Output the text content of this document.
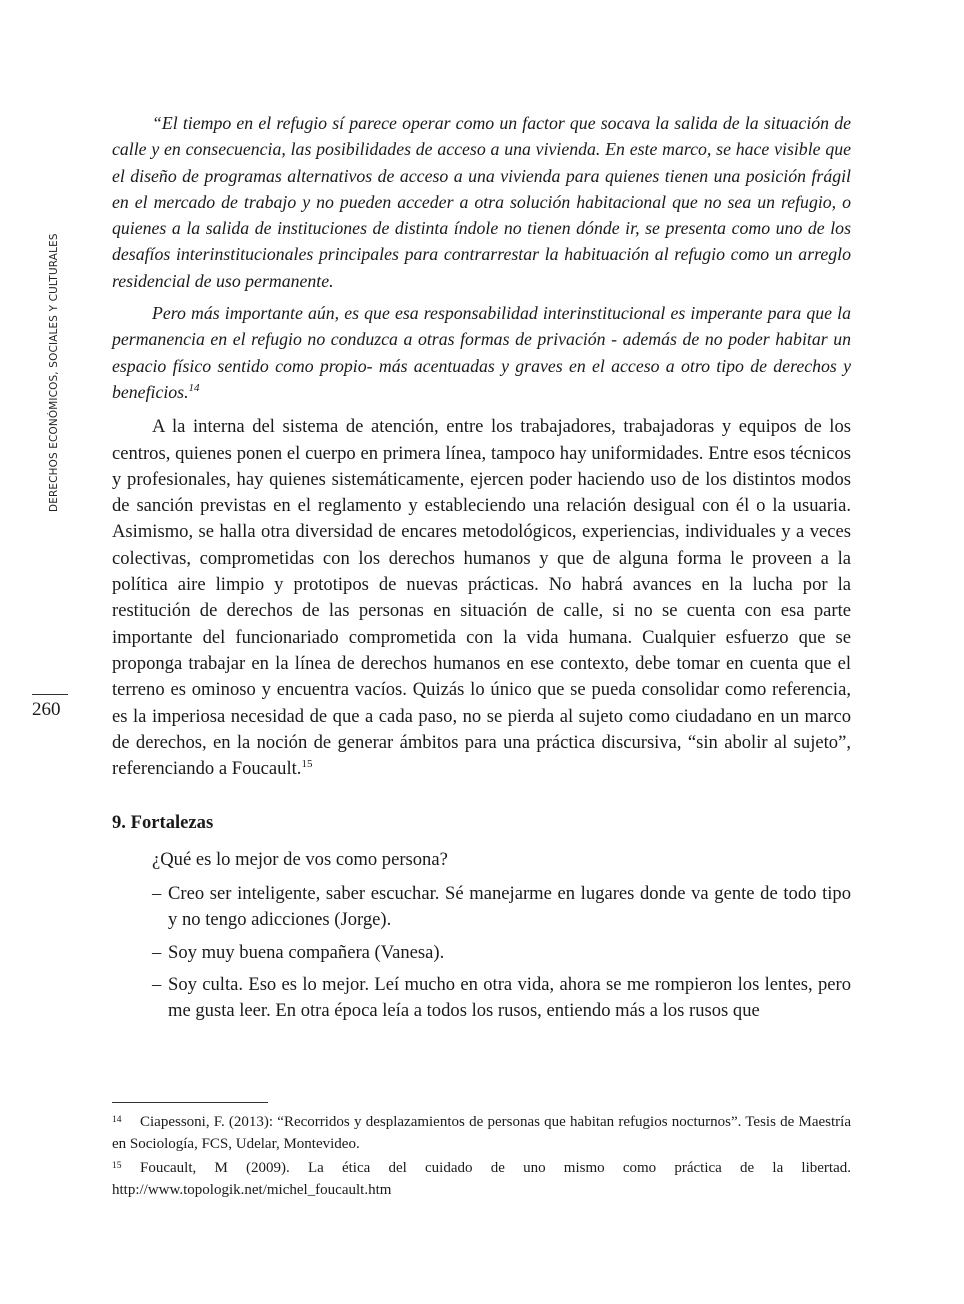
DERECHOS ECONÓMICOS, SOCIALES Y CULTURALES
260

“El tiempo en el refugio sí parece operar como un factor que socava la salida de la situación de calle y en consecuencia, las posibilidades de acceso a una vivienda. En este marco, se hace visible que el diseño de programas alternativos de acceso a una vivienda para quienes tienen una posición frágil en el mercado de trabajo y no pueden acceder a otra solución habitacional que no sea un refugio, o quienes a la salida de instituciones de distinta índole no tienen dónde ir, se presenta como uno de los desafíos interinstitucionales principales para contrarrestar la habituación al refugio como un arreglo residencial de uso permanente.

Pero más importante aún, es que esa responsabilidad interinstitucional es imperante para que la permanencia en el refugio no conduzca a otras formas de privación - además de no poder habitar un espacio físico sentido como propio- más acentuadas y graves en el acceso a otro tipo de derechos y beneficios.$^{14}$

A la interna del sistema de atención, entre los trabajadores, trabajadoras y equipos de los centros, quienes ponen el cuerpo en primera línea, tampoco hay uniformidades. Entre esos técnicos y profesionales, hay quienes sistemáticamente, ejercen poder haciendo uso de los distintos modos de sanción previstas en el reglamento y estableciendo una relación desigual con él o la usuaria. Asimismo, se halla otra diversidad de encares metodológicos, experiencias, individuales y a veces colectivas, comprometidas con los derechos humanos y que de alguna forma le proveen a la política aire limpio y prototipos de nuevas prácticas. No habrá avances en la lucha por la restitución de derechos de las personas en situación de calle, si no se cuenta con esa parte importante del funcionariado comprometida con la vida humana. Cualquier esfuerzo que se proponga trabajar en la línea de derechos humanos en ese contexto, debe tomar en cuenta que el terreno es ominoso y encuentra vacíos. Quizás lo único que se pueda consolidar como referencia, es la imperiosa necesidad de que a cada paso, no se pierda al sujeto como ciudadano en un marco de derechos, en la noción de generar ámbitos para una práctica discursiva, “sin abolir al sujeto”, referenciando a Foucault.$^{15}$

9. Fortalezas

¿Qué es lo mejor de vos como persona?

– Creo ser inteligente, saber escuchar. Sé manejarme en lugares donde va gente de todo tipo y no tengo adicciones (Jorge).
– Soy muy buena compañera (Vanesa).
– Soy culta. Eso es lo mejor. Leí mucho en otra vida, ahora se me rompieron los lentes, pero me gusta leer. En otra época leía a todos los rusos, entiendo más a los rusos que

14 Ciapessoni, F. (2013): “Recorridos y desplazamientos de personas que habitan refugios nocturnos”. Tesis de Maestría en Sociología, FCS, Udelar, Montevideo.

15 Foucault, M (2009). La ética del cuidado de uno mismo como práctica de la libertad. http://www.topologik.net/michel_foucault.htm
